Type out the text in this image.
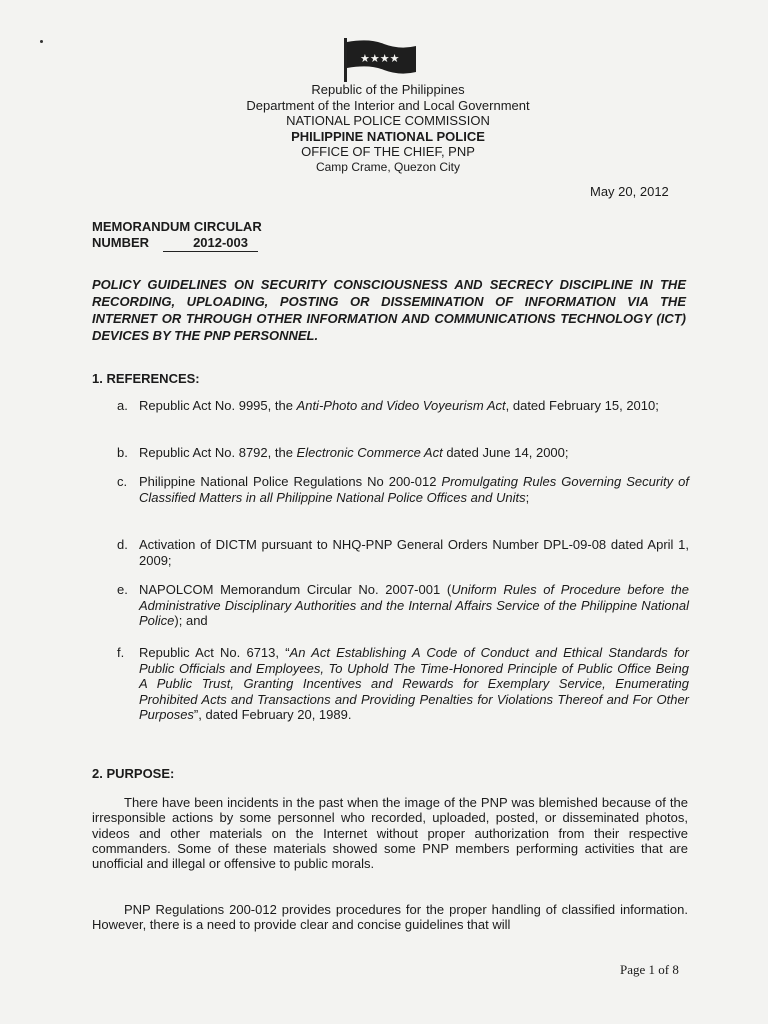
★★★★
Republic of the Philippines
Department of the Interior and Local Government
NATIONAL POLICE COMMISSION
PHILIPPINE NATIONAL POLICE
OFFICE OF THE CHIEF, PNP
Camp Crame, Quezon City
May 20, 2012
MEMORANDUM CIRCULAR
NUMBER	2012-003
POLICY GUIDELINES ON SECURITY CONSCIOUSNESS AND SECRECY DISCIPLINE IN THE RECORDING, UPLOADING, POSTING OR DISSEMINATION OF INFORMATION VIA THE INTERNET OR THROUGH OTHER INFORMATION AND COMMUNICATIONS TECHNOLOGY (ICT) DEVICES BY THE PNP PERSONNEL.
1. REFERENCES:
a. Republic Act No. 9995, the Anti-Photo and Video Voyeurism Act, dated February 15, 2010;
b. Republic Act No. 8792, the Electronic Commerce Act dated June 14, 2000;
c. Philippine National Police Regulations No 200-012 Promulgating Rules Governing Security of Classified Matters in all Philippine National Police Offices and Units;
d. Activation of DICTM pursuant to NHQ-PNP General Orders Number DPL-09-08 dated April 1, 2009;
e. NAPOLCOM Memorandum Circular No. 2007-001 (Uniform Rules of Procedure before the Administrative Disciplinary Authorities and the Internal Affairs Service of the Philippine National Police); and
f. Republic Act No. 6713, “An Act Establishing A Code of Conduct and Ethical Standards for Public Officials and Employees, To Uphold The Time-Honored Principle of Public Office Being A Public Trust, Granting Incentives and Rewards for Exemplary Service, Enumerating Prohibited Acts and Transactions and Providing Penalties for Violations Thereof and For Other Purposes”, dated February 20, 1989.
2. PURPOSE:
There have been incidents in the past when the image of the PNP was blemished because of the irresponsible actions by some personnel who recorded, uploaded, posted, or disseminated photos, videos and other materials on the Internet without proper authorization from their respective commanders. Some of these materials showed some PNP members performing activities that are unofficial and illegal or offensive to public morals.
PNP Regulations 200-012 provides procedures for the proper handling of classified information. However, there is a need to provide clear and concise guidelines that will
Page 1 of 8
